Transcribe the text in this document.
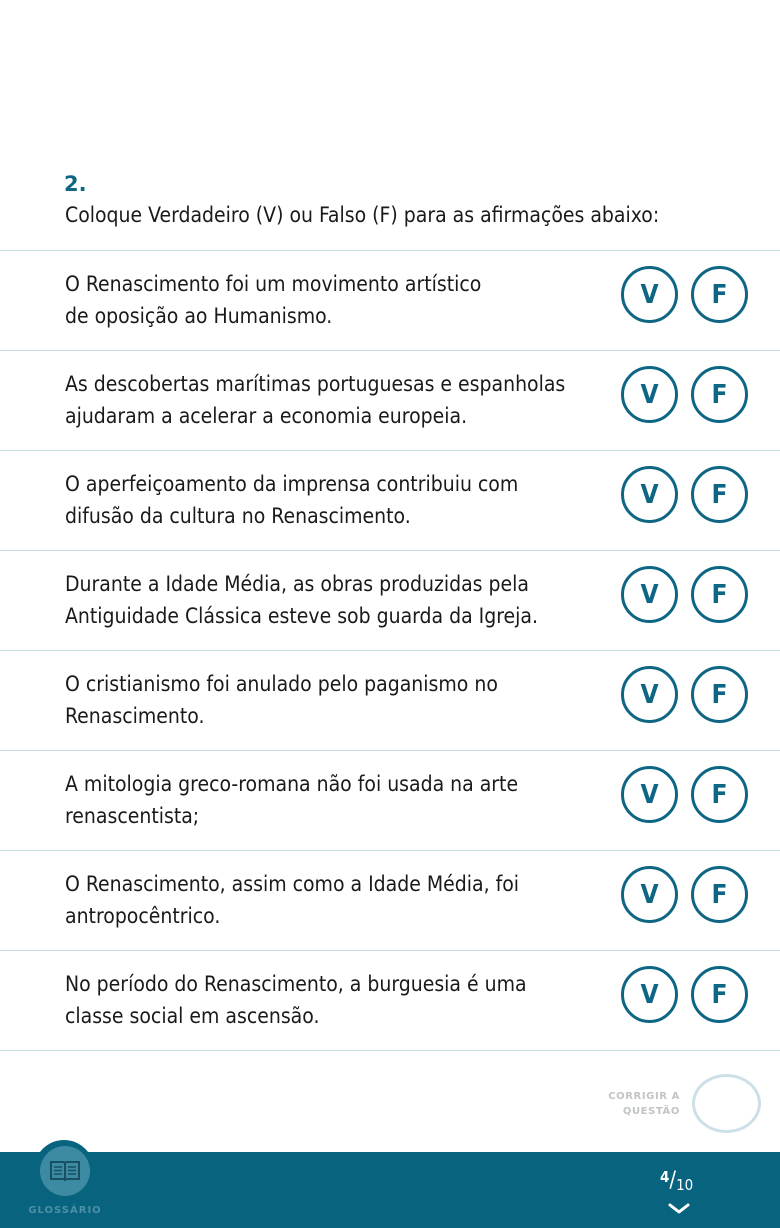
2.
Coloque Verdadeiro (V) ou Falso (F) para as afirmações abaixo:
O Renascimento foi um movimento artístico
de oposição ao Humanismo.
V	F
As descobertas marítimas portuguesas e espanholas
ajudaram a acelerar a economia europeia.
V	F
O aperfeiçoamento da imprensa contribuiu com
difusão da cultura no Renascimento.
V	F
Durante a Idade Média, as obras produzidas pela
Antiguidade Clássica esteve sob guarda da Igreja.
V	F
O cristianismo foi anulado pelo paganismo no
Renascimento.
V	F
A mitologia greco-romana não foi usada na arte
renascentista;
V	F
O Renascimento, assim como a Idade Média, foi
antropocêntrico.
V	F
No período do Renascimento, a burguesia é uma
classe social em ascensão.
V	F
CORRIGIR A
QUESTÃO
GLOSSÁRIO
4/10
